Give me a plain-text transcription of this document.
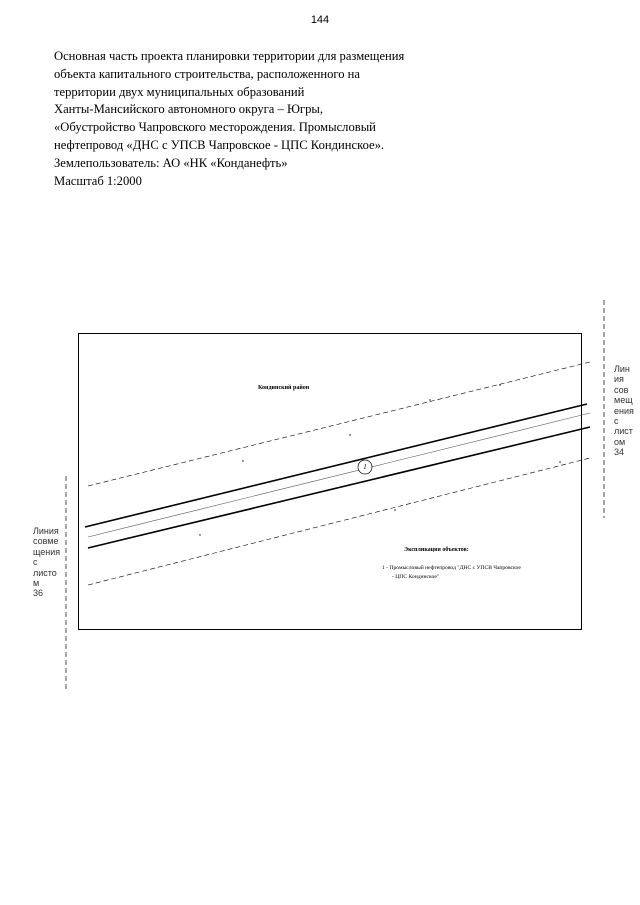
144
Основная часть проекта планировки территории для размещения
объекта капитального строительства, расположенного на
территории двух муниципальных образований
Ханты-Мансийского автономного округа – Югры,
«Обустройство Чапровского месторождения. Промысловый
нефтепровод «ДНС с УПСВ Чапровское - ЦПС Кондинское».
Землепользователь: АО «НК «Конданефть»
Масштаб 1:2000
1
Кондинский район
Экспликация объектов:
1 - Промысловый нефтепровод "ДНС с УПСВ Чапровское
- ЦПС Кондинское"
Линия
совме
щения
с
листо
м
36
Лин
ия
сов
мещ
ения
с
лист
ом
34
